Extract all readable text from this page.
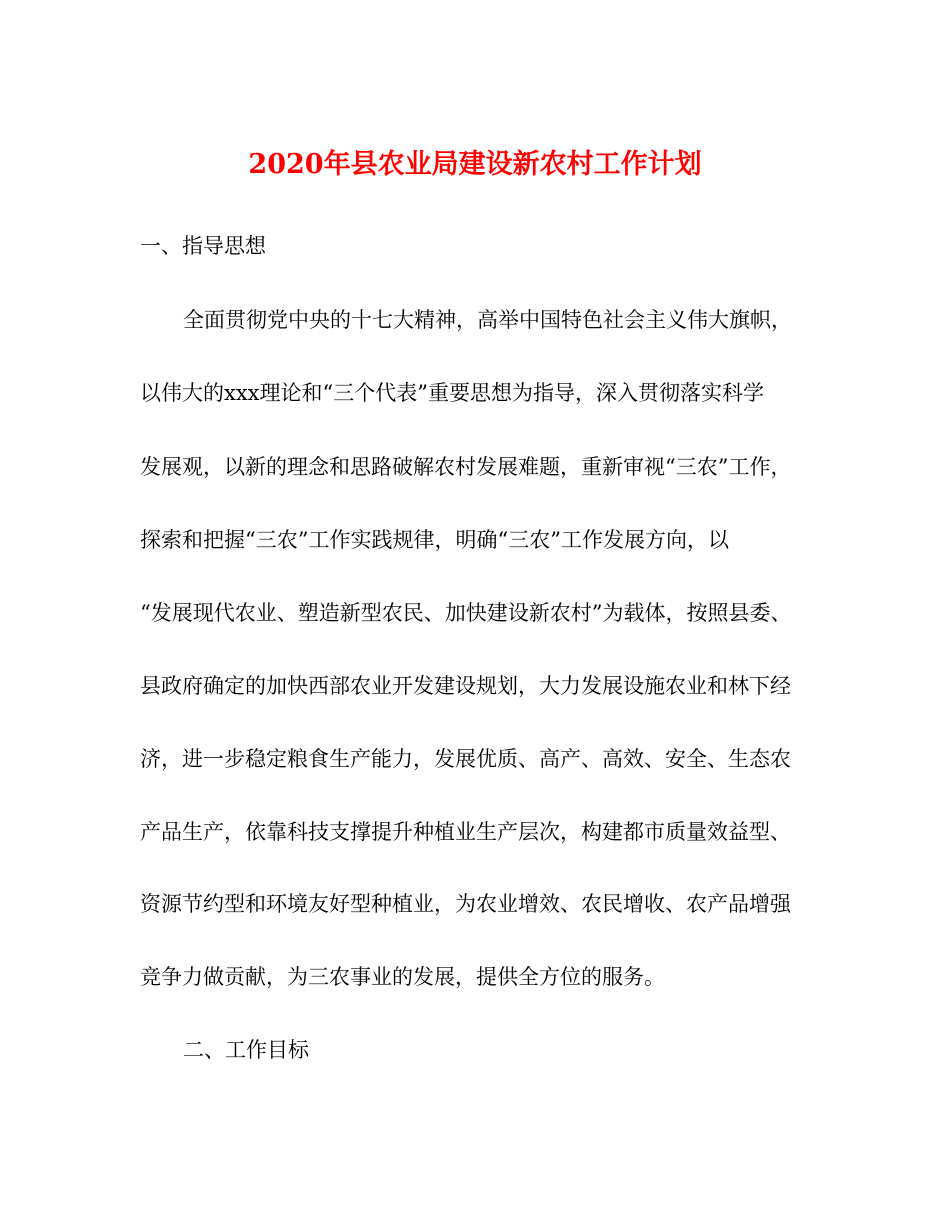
2020年县农业局建设新农村工作计划
一、指导思想
全面贯彻党中央的十七大精神，高举中国特色社会主义伟大旗帜，
以伟大的xxx理论和“三个代表”重要思想为指导，深入贯彻落实科学
发展观，以新的理念和思路破解农村发展难题，重新审视“三农”工作，
探索和把握“三农”工作实践规律，明确“三农”工作发展方向，以
“发展现代农业、塑造新型农民、加快建设新农村”为载体，按照县委、
县政府确定的加快西部农业开发建设规划，大力发展设施农业和林下经
济，进一步稳定粮食生产能力，发展优质、高产、高效、安全、生态农
产品生产，依靠科技支撑提升种植业生产层次，构建都市质量效益型、
资源节约型和环境友好型种植业，为农业增效、农民增收、农产品增强
竞争力做贡献，为三农事业的发展，提供全方位的服务。
二、工作目标
